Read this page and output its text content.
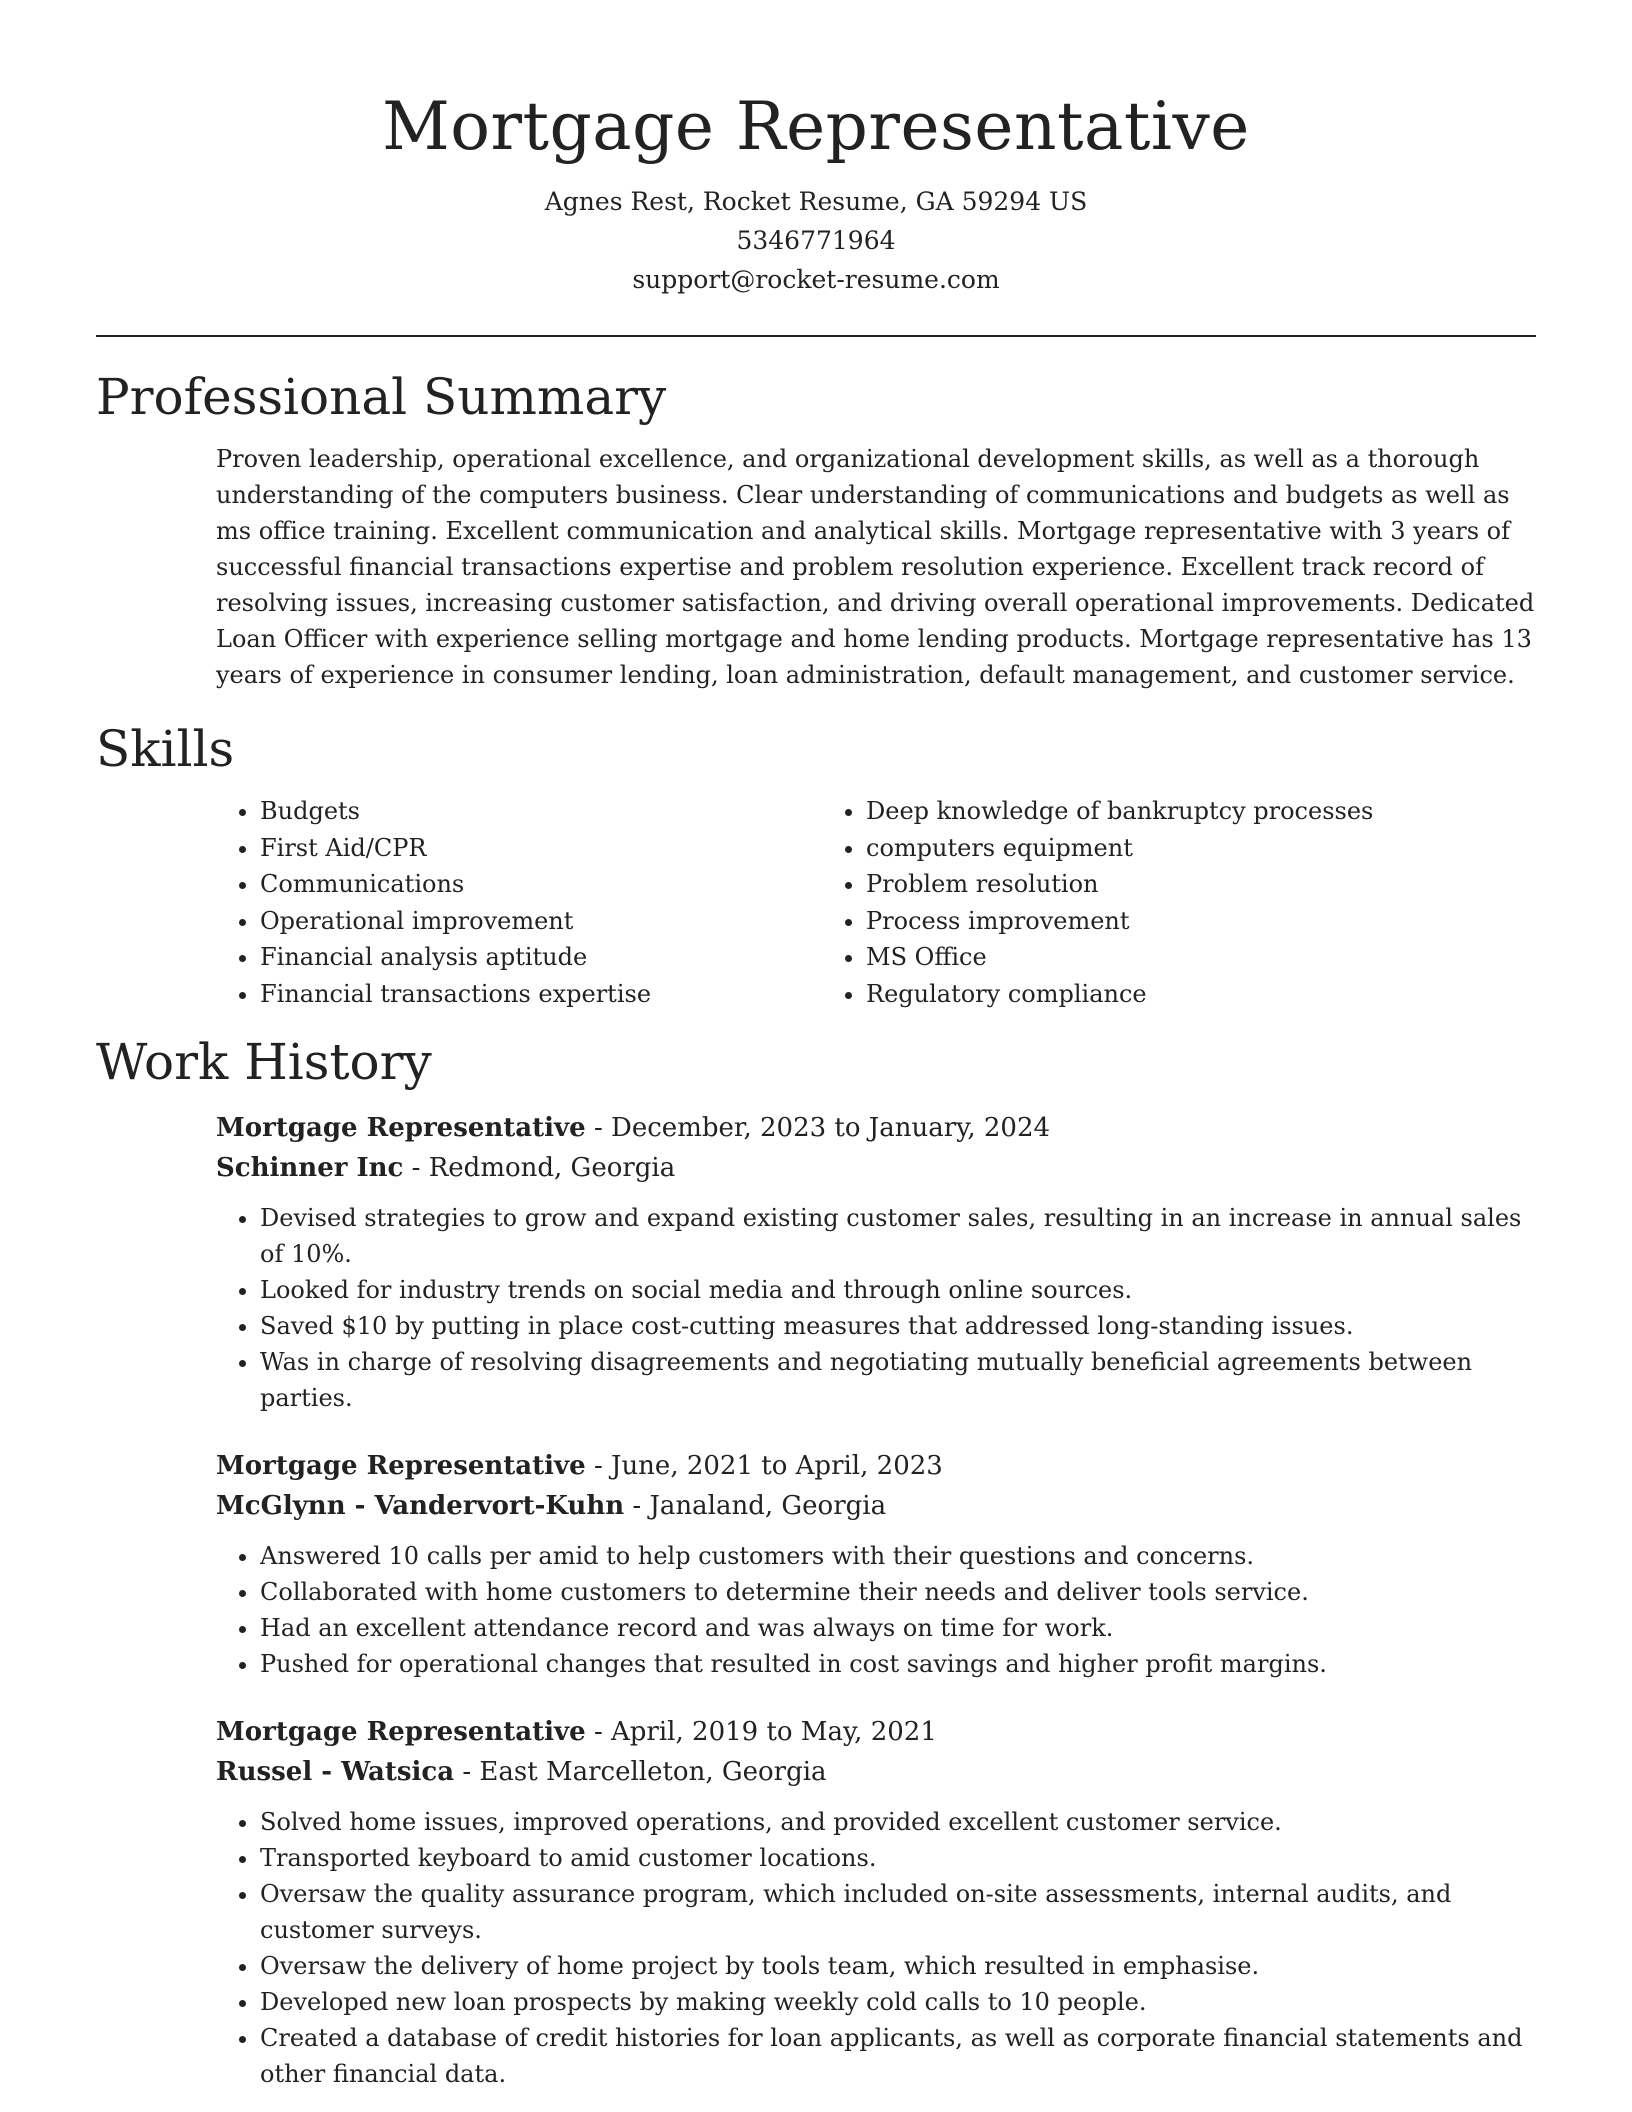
Mortgage Representative

Agnes Rest, Rocket Resume, GA 59294 US

5346771964

support@rocket-resume.com

Professional Summary

Proven leadership, operational excellence, and organizational development skills, as well as a thorough understanding of the computers business. Clear understanding of communications and budgets as well as ms office training. Excellent communication and analytical skills. Mortgage representative with 3 years of successful financial transactions expertise and problem resolution experience. Excellent track record of resolving issues, increasing customer satisfaction, and driving overall operational improvements. Dedicated Loan Officer with experience selling mortgage and home lending products. Mortgage representative has 13 years of experience in consumer lending, loan administration, default management, and customer service.

Skills
• Budgets
• First Aid/CPR
• Communications
• Operational improvement
• Financial analysis aptitude
• Financial transactions expertise
• Deep knowledge of bankruptcy processes
• computers equipment
• Problem resolution
• Process improvement
• MS Office
• Regulatory compliance
Work History

Mortgage Representative - December, 2023 to January, 2024

Schinner Inc - Redmond, Georgia

• Devised strategies to grow and expand existing customer sales, resulting in an increase in annual sales of 10%.
• Looked for industry trends on social media and through online sources.
• Saved $10 by putting in place cost-cutting measures that addressed long-standing issues.
• Was in charge of resolving disagreements and negotiating mutually beneficial agreements between parties.

Mortgage Representative - June, 2021 to April, 2023

McGlynn - Vandervort-Kuhn - Janaland, Georgia

• Answered 10 calls per amid to help customers with their questions and concerns.
• Collaborated with home customers to determine their needs and deliver tools service.
• Had an excellent attendance record and was always on time for work.
• Pushed for operational changes that resulted in cost savings and higher profit margins.

Mortgage Representative - April, 2019 to May, 2021

Russel - Watsica - East Marcelleton, Georgia

• Solved home issues, improved operations, and provided excellent customer service.
• Transported keyboard to amid customer locations.
• Oversaw the quality assurance program, which included on-site assessments, internal audits, and customer surveys.
• Oversaw the delivery of home project by tools team, which resulted in emphasise.
• Developed new loan prospects by making weekly cold calls to 10 people.
• Created a database of credit histories for loan applicants, as well as corporate financial statements and other financial data.
